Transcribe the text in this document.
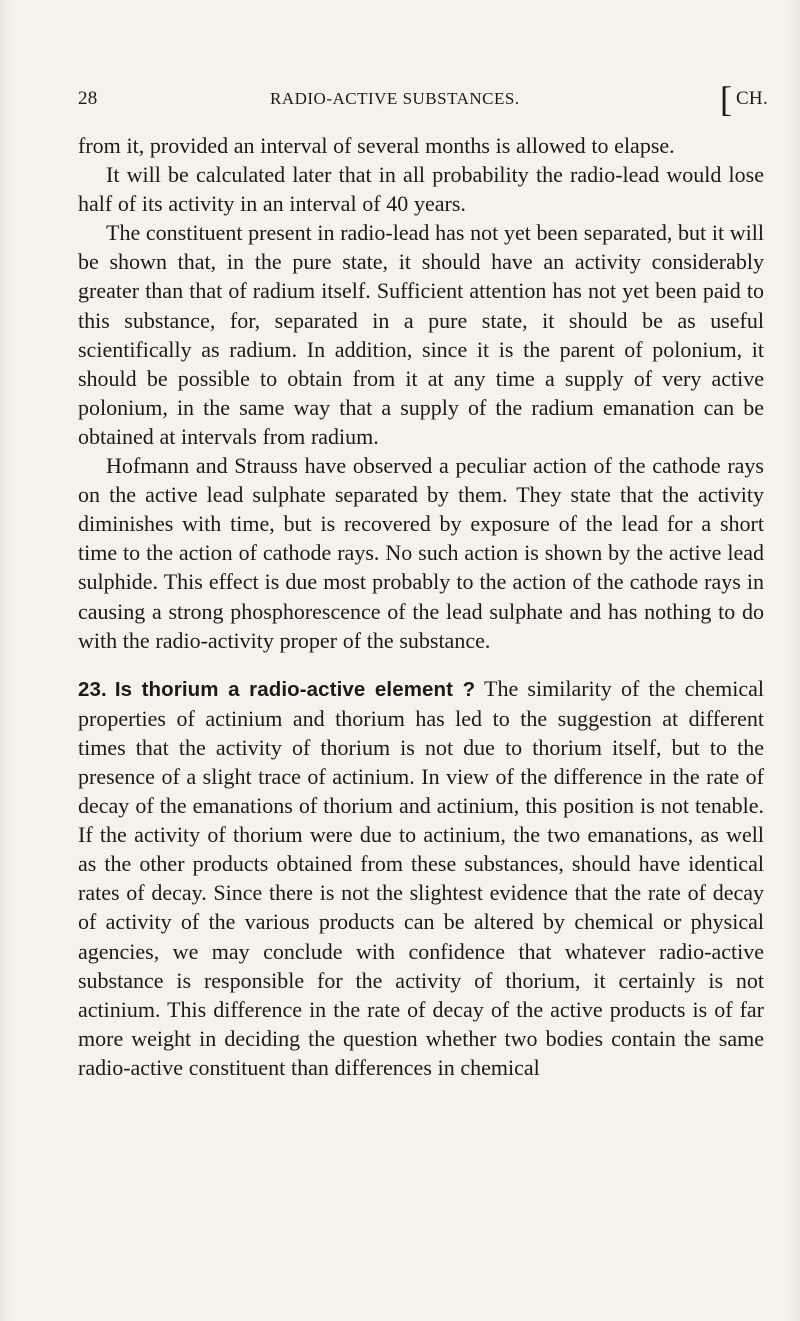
28	RADIO-ACTIVE SUBSTANCES.	[ CH.

from it, provided an interval of several months is allowed to elapse.

It will be calculated later that in all probability the radio-lead would lose half of its activity in an interval of 40 years.

The constituent present in radio-lead has not yet been separated, but it will be shown that, in the pure state, it should have an activity considerably greater than that of radium itself. Sufficient attention has not yet been paid to this substance, for, separated in a pure state, it should be as useful scientifically as radium. In addition, since it is the parent of polonium, it should be possible to obtain from it at any time a supply of very active polonium, in the same way that a supply of the radium emanation can be obtained at intervals from radium.

Hofmann and Strauss have observed a peculiar action of the cathode rays on the active lead sulphate separated by them. They state that the activity diminishes with time, but is recovered by exposure of the lead for a short time to the action of cathode rays. No such action is shown by the active lead sulphide. This effect is due most probably to the action of the cathode rays in causing a strong phosphorescence of the lead sulphate and has nothing to do with the radio-activity proper of the substance.

23. Is thorium a radio-active element ? The similarity of the chemical properties of actinium and thorium has led to the suggestion at different times that the activity of thorium is not due to thorium itself, but to the presence of a slight trace of actinium. In view of the difference in the rate of decay of the emanations of thorium and actinium, this position is not tenable. If the activity of thorium were due to actinium, the two emanations, as well as the other products obtained from these substances, should have identical rates of decay. Since there is not the slightest evidence that the rate of decay of activity of the various products can be altered by chemical or physical agencies, we may conclude with confidence that whatever radio-active substance is responsible for the activity of thorium, it certainly is not actinium. This difference in the rate of decay of the active products is of far more weight in deciding the question whether two bodies contain the same radio-active constituent than differences in chemical
